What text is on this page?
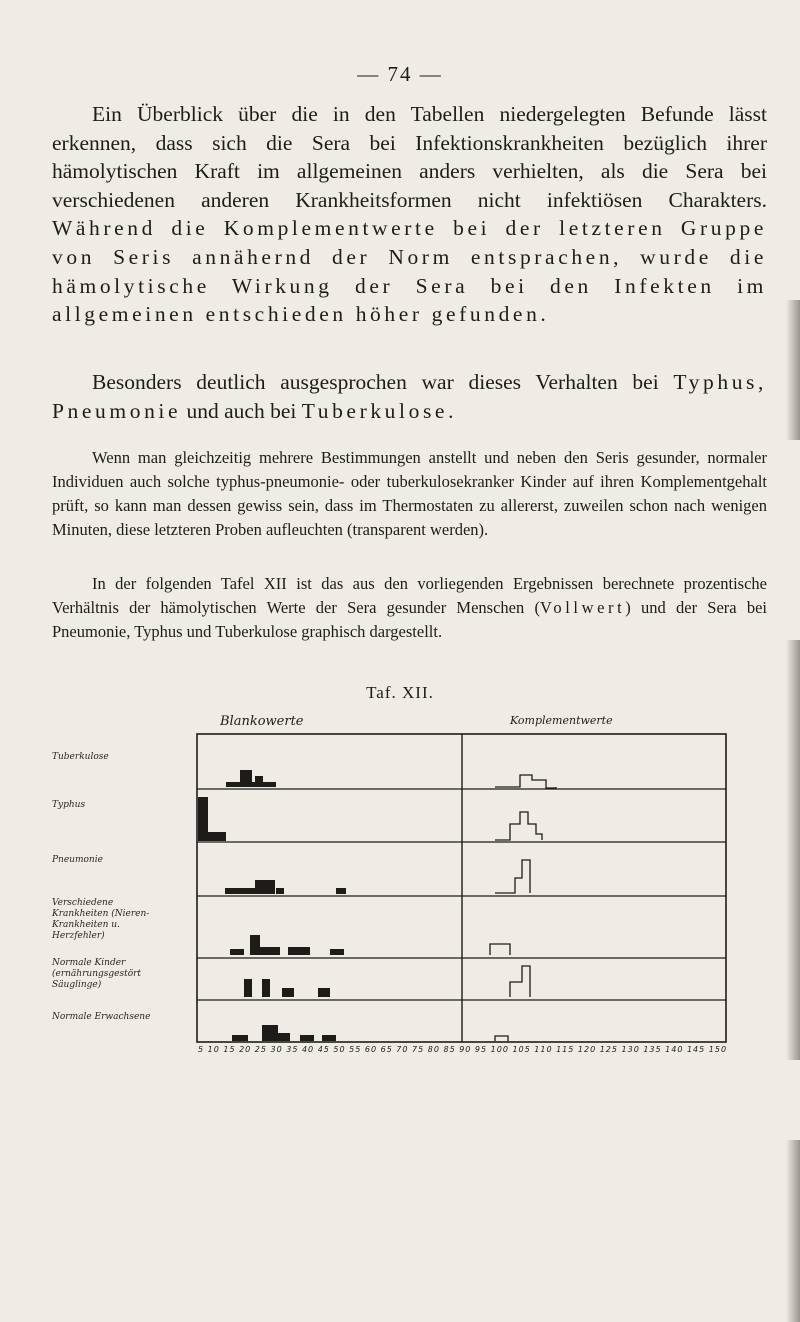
— 74 —

Ein Überblick über die in den Tabellen niedergelegten Befunde lässt erkennen, dass sich die Sera bei Infektionskrankheiten bezüglich ihrer hämolytischen Kraft im allgemeinen anders verhielten, als die Sera bei verschiedenen anderen Krankheitsformen nicht infektiösen Charakters. Während die Komplementwerte bei der letzteren Gruppe von Seris annähernd der Norm entsprachen, wurde die hämolytische Wirkung der Sera bei den Infekten im allgemeinen entschieden höher gefunden.

Besonders deutlich ausgesprochen war dieses Verhalten bei Typhus, Pneumonie und auch bei Tuberkulose.

Wenn man gleichzeitig mehrere Bestimmungen anstellt und neben den Seris gesunder, normaler Individuen auch solche typhus-pneumonie- oder tuberkulosekranker Kinder auf ihren Komplementgehalt prüft, so kann man dessen gewiss sein, dass im Thermostaten zu allererst, zuweilen schon nach wenigen Minuten, diese letzteren Proben aufleuchten (transparent werden).

In der folgenden Tafel XII ist das aus den vorliegenden Ergebnissen berechnete prozentische Verhältnis der hämolytischen Werte der Sera gesunder Menschen (Vollwert) und der Sera bei Pneumonie, Typhus und Tuberkulose graphisch dargestellt.

Taf. XII.
Blankowerte	Komplementwerte
Tuberkulose
Typhus
Pneumonie
Verschiedene Krankheiten (Nieren-Krankheiten u. Herzfehler)
Normale Kinder (ernährungsgestört Säuglinge)
Normale Erwachsene
5 10 15 20 25 30 35 40 45 50 55 60 65 70 75 80 85 90 95 100 105 110 115 120 125 130 135 140 145 150
